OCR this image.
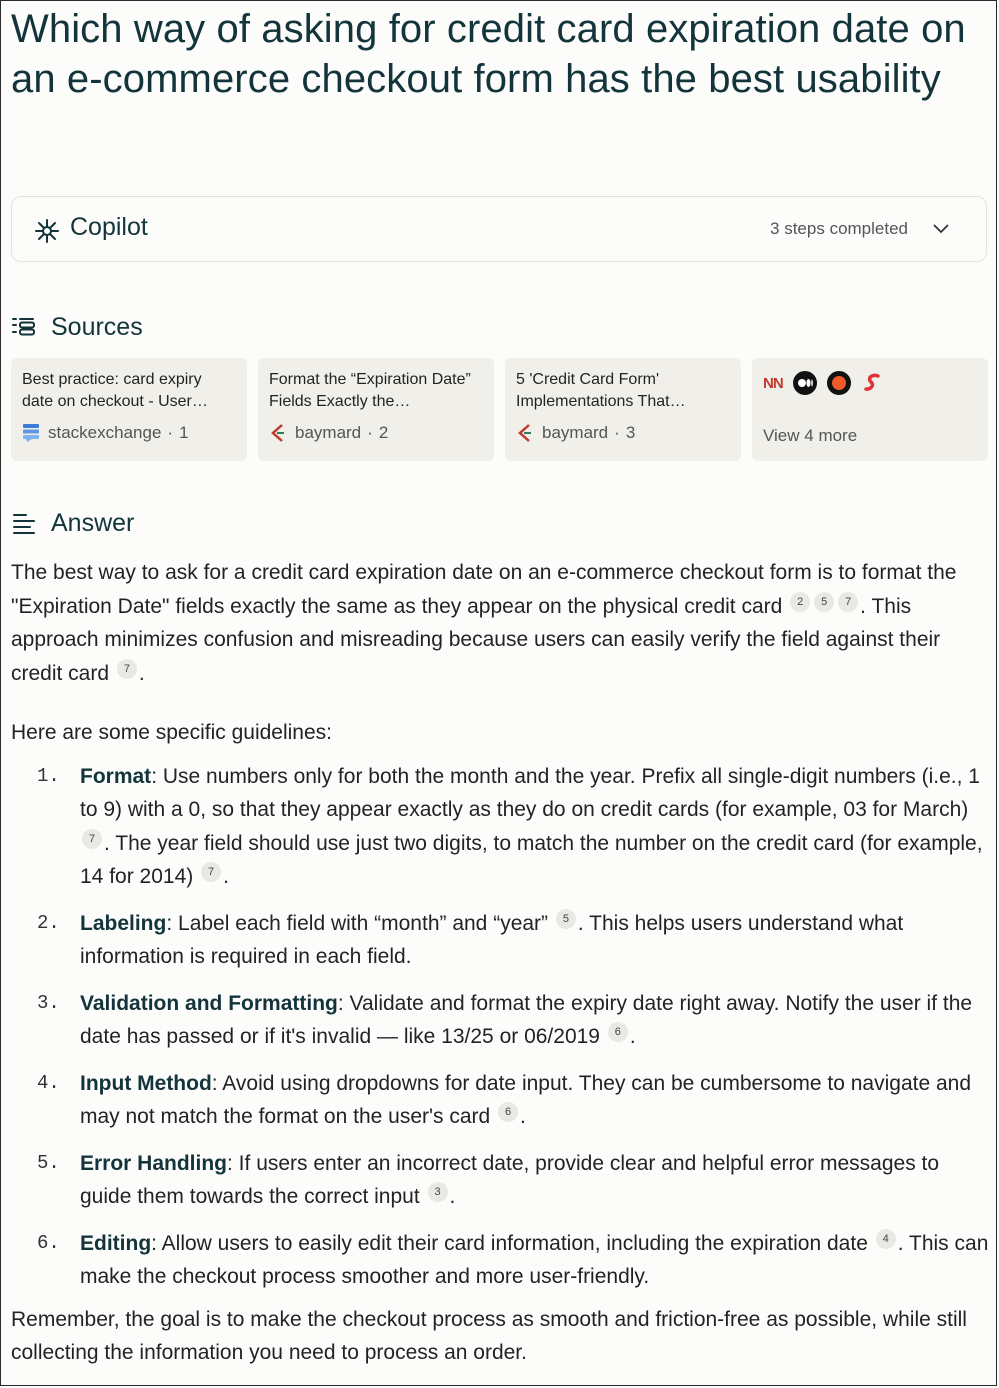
Which way of asking for credit card expiration date on an e-commerce checkout form has the best usability
Copilot	3 steps completed
Sources
Best practice: card expiry date on checkout - User…
stackexchange · 1
Format the “Expiration Date” Fields Exactly the…
baymard · 2
5 'Credit Card Form' Implementations That…
baymard · 3
NN
View 4 more
Answer

The best way to ask for a credit card expiration date on an e-commerce checkout form is to format the "Expiration Date" fields exactly the same as they appear on the physical credit card 2 5 7 . This approach minimizes confusion and misreading because users can easily verify the field against their credit card 7 .

Here are some specific guidelines:

1. Format: Use numbers only for both the month and the year. Prefix all single-digit numbers (i.e., 1 to 9) with a 0, so that they appear exactly as they do on credit cards (for example, 03 for March) 7 . The year field should use just two digits, to match the number on the credit card (for example, 14 for 2014) 7 .
2. Labeling: Label each field with “month” and “year” 5 . This helps users understand what information is required in each field.
3. Validation and Formatting: Validate and format the expiry date right away. Notify the user if the date has passed or if it's invalid — like 13/25 or 06/2019 6 .
4. Input Method: Avoid using dropdowns for date input. They can be cumbersome to navigate and may not match the format on the user's card 6 .
5. Error Handling: If users enter an incorrect date, provide clear and helpful error messages to guide them towards the correct input 3 .
6. Editing: Allow users to easily edit their card information, including the expiration date 4 . This can make the checkout process smoother and more user-friendly.

Remember, the goal is to make the checkout process as smooth and friction-free as possible, while still collecting the information you need to process an order.
